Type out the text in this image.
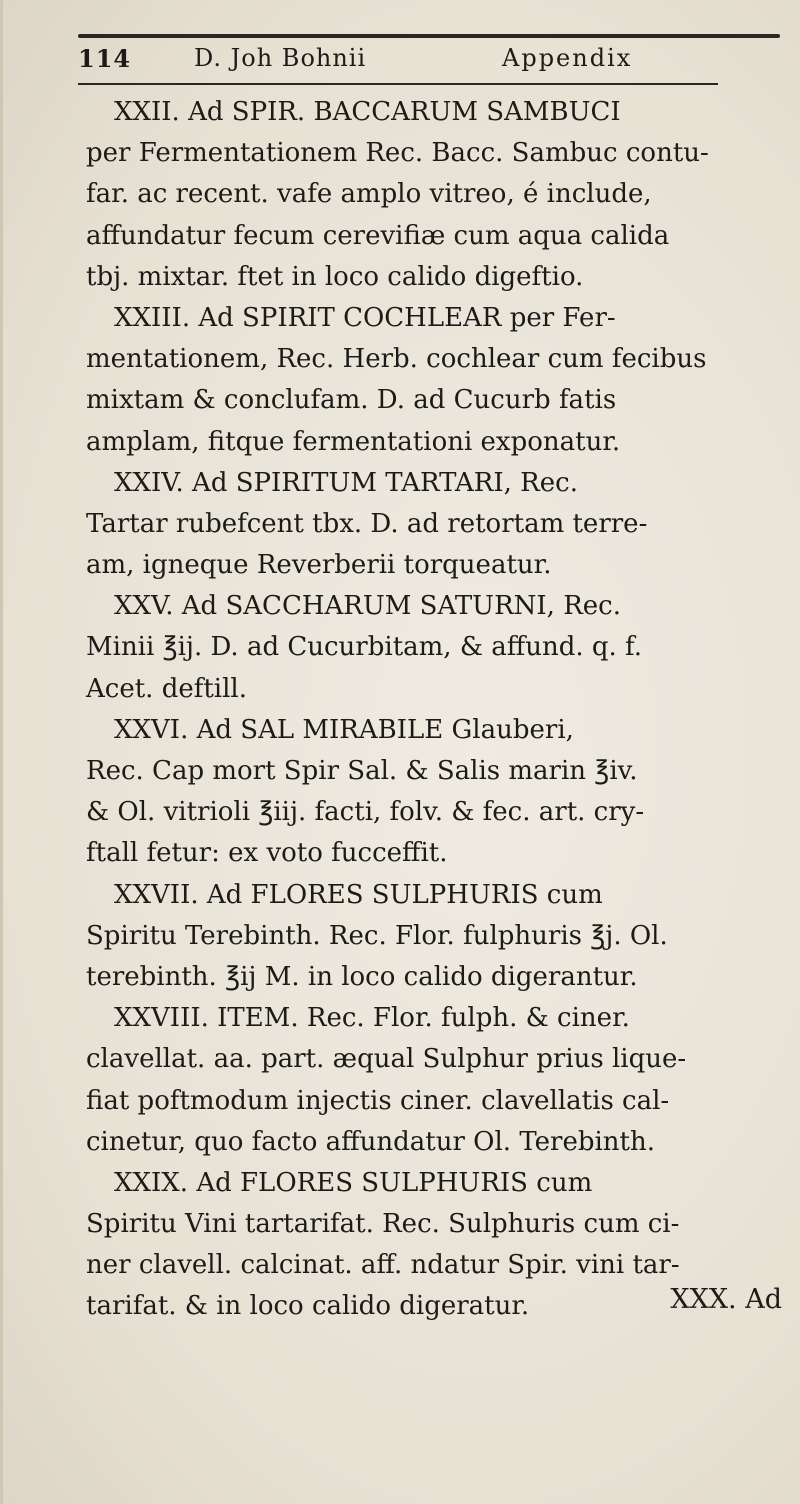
114	D. Joh Bohnii	Appendix
XXII. Ad SPIR. BACCARUM SAMBUCI
per Fermentationem Rec. Bacc. Sambuc contu-
far. ac recent. vafe amplo vitreo, é include,
affundatur fecum cerevifiæ cum aqua calida
tbj. mixtar. ftet in loco calido digeftio.
XXIII. Ad SPIRIT COCHLEAR per Fer-
mentationem, Rec. Herb. cochlear cum fecibus
mixtam & conclufam. D. ad Cucurb fatis
amplam, fitque fermentationi exponatur.
XXIV. Ad SPIRITUM TARTARI, Rec.
Tartar rubefcent tbx. D. ad retortam terre-
am, igneque Reverberii torqueatur.
XXV. Ad SACCHARUM SATURNI, Rec.
Minii ℥ij. D. ad Cucurbitam, & affund. q. f.
Acet. deftill.
XXVI. Ad SAL MIRABILE Glauberi,
Rec. Cap mort Spir Sal. & Salis marin ℥iv.
& Ol. vitrioli ℥iij. facti, folv. & fec. art. cry-
ftall fetur: ex voto fucceffit.
XXVII. Ad FLORES SULPHURIS cum
Spiritu Terebinth. Rec. Flor. fulphuris ℥j. Ol.
terebinth. ℥ij M. in loco calido digerantur.
XXVIII. ITEM. Rec. Flor. fulph. & ciner.
clavellat. aa. part. æqual Sulphur prius lique-
fiat poftmodum injectis ciner. clavellatis cal-
cinetur, quo facto affundatur Ol. Terebinth.
XXIX. Ad FLORES SULPHURIS cum
Spiritu Vini tartarifat. Rec. Sulphuris cum ci-
ner clavell. calcinat. aff. ndatur Spir. vini tar-
tarifat. & in loco calido digeratur.	XXX. Ad
